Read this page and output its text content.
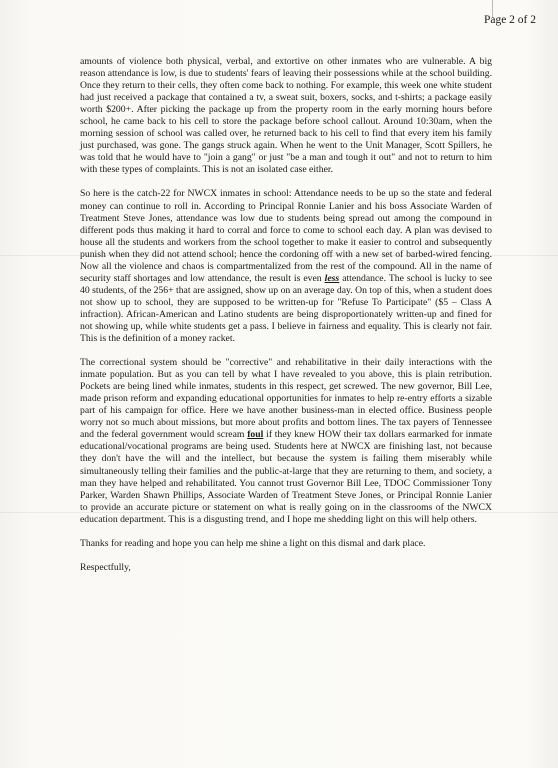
Page 2 of 2

amounts of violence both physical, verbal, and extortive on other inmates who are vulnerable. A big reason attendance is low, is due to students' fears of leaving their possessions while at the school building. Once they return to their cells, they often come back to nothing. For example, this week one white student had just received a package that contained a tv, a sweat suit, boxers, socks, and t-shirts; a package easily worth $200+. After picking the package up from the property room in the early morning hours before school, he came back to his cell to store the package before school callout. Around 10:30am, when the morning session of school was called over, he returned back to his cell to find that every item his family just purchased, was gone. The gangs struck again. When he went to the Unit Manager, Scott Spillers, he was told that he would have to "join a gang" or just "be a man and tough it out" and not to return to him with these types of complaints. This is not an isolated case either.

So here is the catch-22 for NWCX inmates in school: Attendance needs to be up so the state and federal money can continue to roll in. According to Principal Ronnie Lanier and his boss Associate Warden of Treatment Steve Jones, attendance was low due to students being spread out among the compound in different pods thus making it hard to corral and force to come to school each day. A plan was devised to house all the students and workers from the school together to make it easier to control and subsequently punish when they did not attend school; hence the cordoning off with a new set of barbed-wired fencing. Now all the violence and chaos is compartmentalized from the rest of the compound. All in the name of security staff shortages and low attendance, the result is even less attendance. The school is lucky to see 40 students, of the 256+ that are assigned, show up on an average day. On top of this, when a student does not show up to school, they are supposed to be written-up for "Refuse To Participate" ($5 – Class A infraction). African-American and Latino students are being disproportionately written-up and fined for not showing up, while white students get a pass. I believe in fairness and equality. This is clearly not fair. This is the definition of a money racket.

The correctional system should be "corrective" and rehabilitative in their daily interactions with the inmate population. But as you can tell by what I have revealed to you above, this is plain retribution. Pockets are being lined while inmates, students in this respect, get screwed. The new governor, Bill Lee, made prison reform and expanding educational opportunities for inmates to help re-entry efforts a sizable part of his campaign for office. Here we have another business-man in elected office. Business people worry not so much about missions, but more about profits and bottom lines. The tax payers of Tennessee and the federal government would scream foul if they knew HOW their tax dollars earmarked for inmate educational/vocational programs are being used. Students here at NWCX are finishing last, not because they don't have the will and the intellect, but because the system is failing them miserably while simultaneously telling their families and the public-at-large that they are returning to them, and society, a man they have helped and rehabilitated. You cannot trust Governor Bill Lee, TDOC Commissioner Tony Parker, Warden Shawn Phillips, Associate Warden of Treatment Steve Jones, or Principal Ronnie Lanier to provide an accurate picture or statement on what is really going on in the classrooms of the NWCX education department. This is a disgusting trend, and I hope me shedding light on this will help others.

Thanks for reading and hope you can help me shine a light on this dismal and dark place.

Respectfully,
